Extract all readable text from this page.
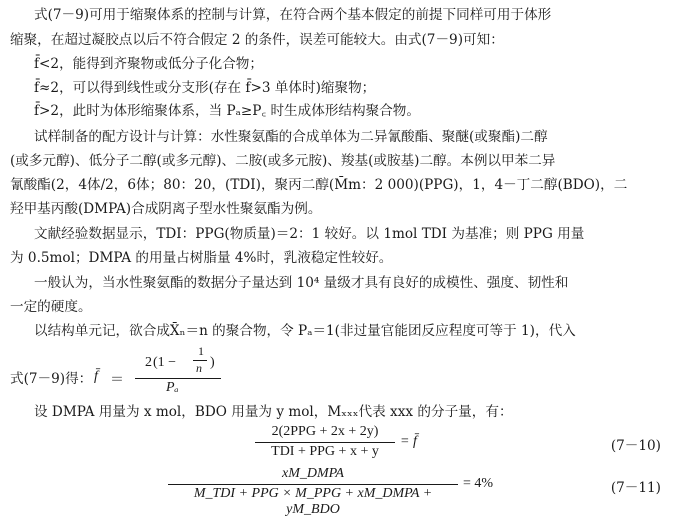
式(7－9)可用于缩聚体系的控制与计算，在符合两个基本假定的前提下同样可用于体形
缩聚，在超过凝胶点以后不符合假定 2 的条件，误差可能较大。由式(7－9)可知：
f̄<2，能得到齐聚物或低分子化合物；
f̄≈2，可以得到线性或分支形(存在 f̄>3 单体时)缩聚物；
f̄>2，此时为体形缩聚体系，当 Pₐ≥P꜀ 时生成体形结构聚合物。
试样制备的配方设计与计算：水性聚氨酯的合成单体为二异氰酸酯、聚醚(或聚酯)二醇
(或多元醇)、低分子二醇(或多元醇)、二胺(或多元胺)、羧基(或胺基)二醇。本例以甲苯二异
氰酸酯(2，4体/2，6体；80：20，(TDI)，聚丙二醇(M̄m：2 000)(PPG)，1，4－丁二醇(BDO)，二
羟甲基丙酸(DMPA)合成阴离子型水性聚氨酯为例。
文献经验数据显示，TDI：PPG(物质量)＝2：1 较好。以 1mol TDI 为基准；则 PPG 用量
为 0.5mol；DMPA 的用量占树脂量 4%时，乳液稳定性较好。
一般认为，当水性聚氨酯的数据分子量达到 10⁴ 量级才具有良好的成模性、强度、韧性和
一定的硬度。
以结构单元记，欲合成X̄ₙ＝n 的聚合物，令 Pₐ＝1(非过量官能团反应程度可等于 1)，代入
式(7－9)得： f̄ ＝
2 (1 −
1
n )
Pₐ
设 DMPA 用量为 x mol，BDO 用量为 y mol，Mₓₓₓ代表 xxx 的分子量，有：
2(2PPG + 2x + 2y)
TDI + PPG + x + y
= f̄	(7－10)
xM_DMPA
M_TDI + PPG × M_PPG + xM_DMPA + yM_BDO
= 4%	(7－11)
